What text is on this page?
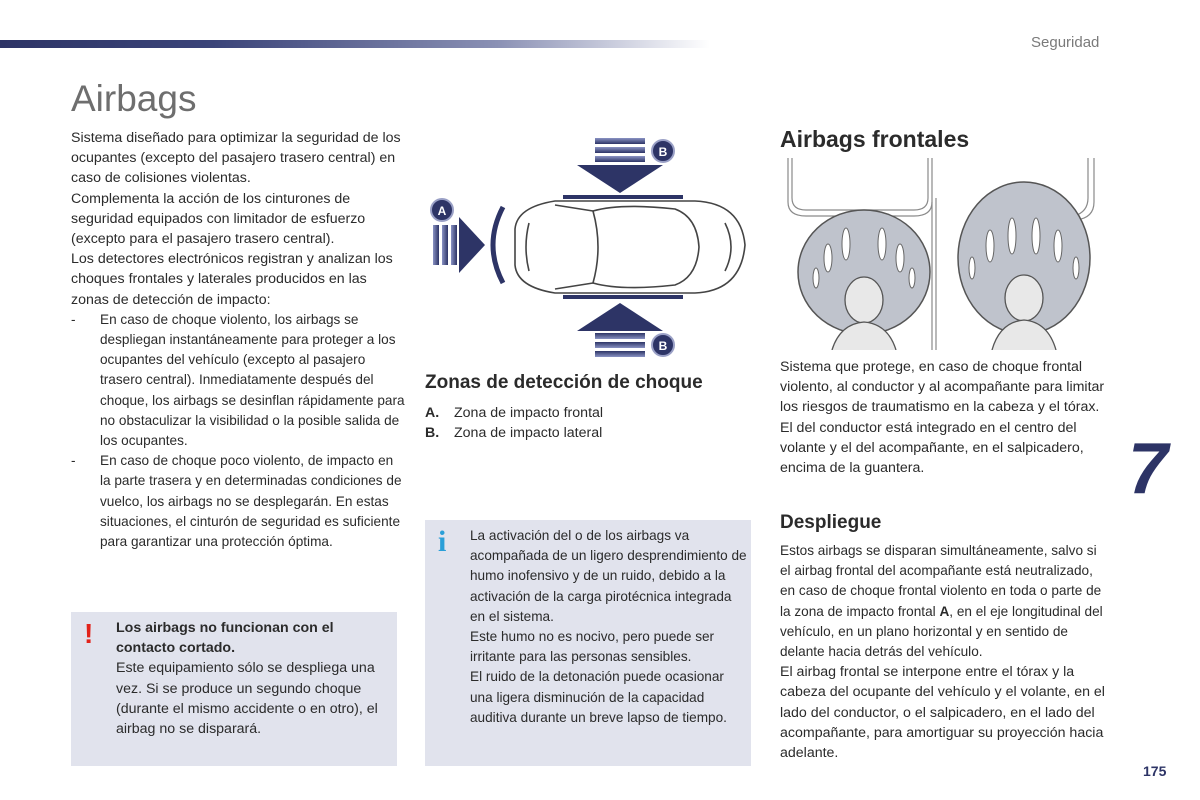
Seguridad
Airbags

Sistema diseñado para optimizar la seguridad de los ocupantes (excepto del pasajero trasero central) en caso de colisiones violentas.

Complementa la acción de los cinturones de seguridad equipados con limitador de esfuerzo (excepto para el pasajero trasero central).

Los detectores electrónicos registran y analizan los choques frontales y laterales producidos en las zonas de detección de impacto:

- En caso de choque violento, los airbags se despliegan instantáneamente para proteger a los ocupantes del vehículo (excepto al pasajero trasero central). Inmediatamente después del choque, los airbags se desinflan rápidamente para no obstaculizar la visibilidad o la posible salida de los ocupantes.
- En caso de choque poco violento, de impacto en la parte trasera y en determinadas condiciones de vuelco, los airbags no se desplegarán. En estas situaciones, el cinturón de seguridad es suficiente para garantizar una protección óptima.
! Los airbags no funcionan con el contacto cortado.
Este equipamiento sólo se despliega una vez. Si se produce un segundo choque (durante el mismo accidente o en otro), el airbag no se disparará.
A
B
B
Zonas de detección de choque
A. Zona de impacto frontal
B. Zona de impacto lateral
i La activación del o de los airbags va acompañada de un ligero desprendimiento de humo inofensivo y de un ruido, debido a la activación de la carga pirotécnica integrada en el sistema.

Este humo no es nocivo, pero puede ser irritante para las personas sensibles.

El ruido de la detonación puede ocasionar una ligera disminución de la capacidad auditiva durante un breve lapso de tiempo.

Airbags frontales

Sistema que protege, en caso de choque frontal violento, al conductor y al acompañante para limitar los riesgos de traumatismo en la cabeza y el tórax.

El del conductor está integrado en el centro del volante y el del acompañante, en el salpicadero, encima de la guantera.

Despliegue

Estos airbags se disparan simultáneamente, salvo si el airbag frontal del acompañante está neutralizado, en caso de choque frontal violento en toda o parte de la zona de impacto frontal A, en el eje longitudinal del vehículo, en un plano horizontal y en sentido de delante hacia detrás del vehículo.

El airbag frontal se interpone entre el tórax y la cabeza del ocupante del vehículo y el volante, en el lado del conductor, o el salpicadero, en el lado del acompañante, para amortiguar su proyección hacia adelante.

7
175
